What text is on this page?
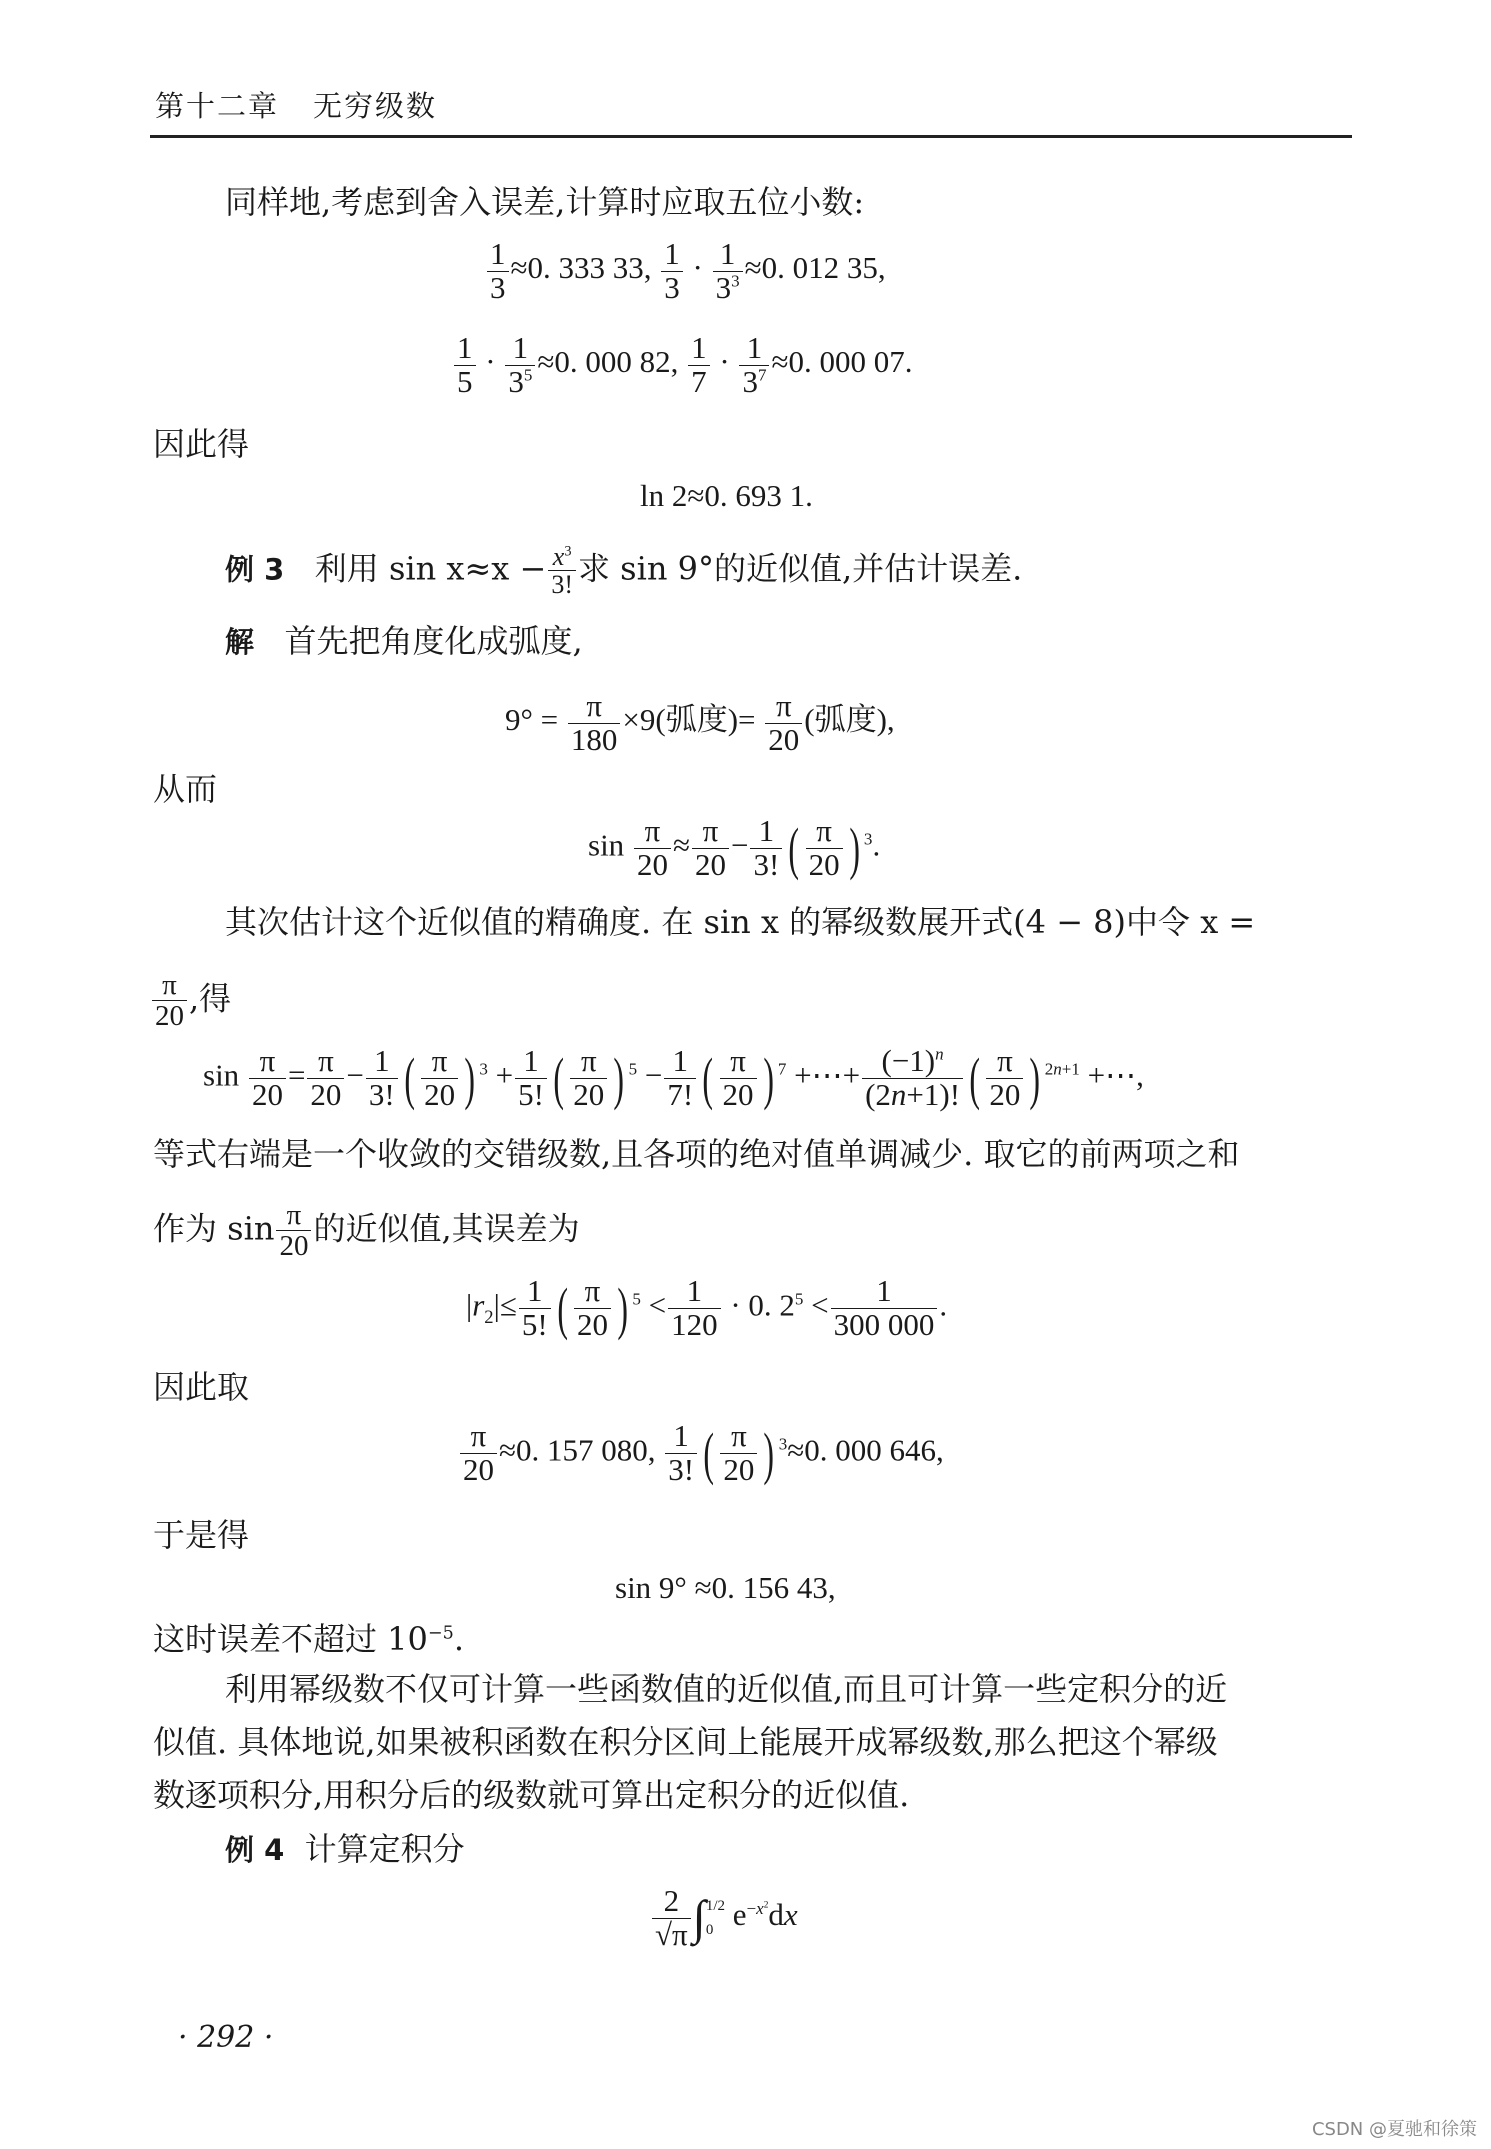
第十二章 无穷级数
同样地,考虑到舍入误差,计算时应取五位小数:
$\frac{1}{3} \approx 0$. 333 33, $\frac{1}{3} \cdot \frac{1}{3^3} \approx 0$. 012 35,
$\frac{1}{5} \cdot \frac{1}{3^5} \approx 0$. 000 82, $\frac{1}{7} \cdot \frac{1}{3^7} \approx 0$. 000 07.
因此得
ln 2≈0. 693 1.
例 3 利用 $\sin x\approx x - \frac{x^3}{3!}$ 求 sin 9°的近似值,并估计误差.
解 首先把角度化成弧度,
$9^\circ = \frac{\pi}{180} \times 9$(弧度)= $\frac{\pi}{20}$ (弧度),
从而
$\sin \frac{\pi}{20} \approx \frac{\pi}{20} - \frac{1}{3!}$ ( $\frac{\pi}{20}$ ) $^3$.
其次估计这个近似值的精确度. 在 sin x 的幂级数展开式(4 − 8)中令 x =
$\frac{\pi}{20}$ ,得
$\sin \frac{\pi}{20} = \frac{\pi}{20} - \frac{1}{3!}$ ( $\frac{\pi}{20}$ ) $^3 + \frac{1}{5!}$ ( $\frac{\pi}{20}$ ) $^5 - \frac{1}{7!}$ ( $\frac{\pi}{20}$ ) $^7$ +⋯+ $\frac{(-1)^n}{(2n+1)!}$ ( $\frac{\pi}{20}$ ) $^{2n+1}$ +⋯,
等式右端是一个收敛的交错级数,且各项的绝对值单调减少. 取它的前两项之和
作为 $\sin \frac{\pi}{20}$ 的近似值,其误差为
$|r_2|\le \frac{1}{5!}$ ( $\frac{\pi}{20}$ ) $^5 < \frac{1}{120} \cdot 0$. $2^5 < \frac{1}{300 000}$ .
因此取
$\frac{\pi}{20} \approx 0$. 157 080, $\frac{1}{3!}$ ( $\frac{\pi}{20}$ ) $^3$≈0. 000 646,
于是得
sin 9° ≈0. 156 43,
这时误差不超过 $10^{-5}$.
利用幂级数不仅可计算一些函数值的近似值,而且可计算一些定积分的近
似值. 具体地说,如果被积函数在积分区间上能展开成幂级数,那么把这个幂级
数逐项积分,用积分后的级数就可算出定积分的近似值.
例 4 计算定积分
$\frac{2}{√\pi}$ ∫ 1/2
0 $e^{-x^2}dx$
· 292 ·
CSDN @夏驰和徐策
